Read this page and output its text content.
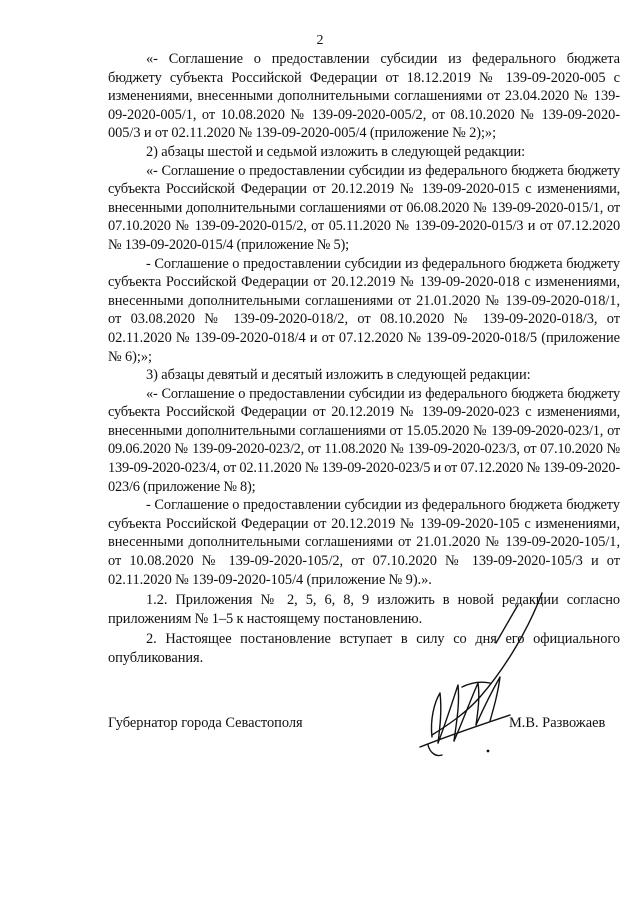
2

«- Соглашение о предоставлении субсидии из федерального бюджета бюджету субъекта Российской Федерации от 18.12.2019 № 139-09-2020-005 с изменениями, внесенными дополнительными соглашениями от 23.04.2020 № 139-09-2020-005/1, от 10.08.2020 № 139-09-2020-005/2, от 08.10.2020 № 139-09-2020-005/3 и от 02.11.2020 № 139-09-2020-005/4 (приложение № 2);»;

2) абзацы шестой и седьмой изложить в следующей редакции:

«- Соглашение о предоставлении субсидии из федерального бюджета бюджету субъекта Российской Федерации от 20.12.2019 № 139-09-2020-015 с изменениями, внесенными дополнительными соглашениями от 06.08.2020 № 139-09-2020-015/1, от 07.10.2020 № 139-09-2020-015/2, от 05.11.2020 № 139-09-2020-015/3 и от 07.12.2020 № 139-09-2020-015/4 (приложение № 5);

- Соглашение о предоставлении субсидии из федерального бюджета бюджету субъекта Российской Федерации от 20.12.2019 № 139-09-2020-018 с изменениями, внесенными дополнительными соглашениями от 21.01.2020 № 139-09-2020-018/1, от 03.08.2020 № 139-09-2020-018/2, от 08.10.2020 № 139-09-2020-018/3, от 02.11.2020 № 139-09-2020-018/4 и от 07.12.2020 № 139-09-2020-018/5 (приложение № 6);»;

3) абзацы девятый и десятый изложить в следующей редакции:

«- Соглашение о предоставлении субсидии из федерального бюджета бюджету субъекта Российской Федерации от 20.12.2019 № 139-09-2020-023 с изменениями, внесенными дополнительными соглашениями от 15.05.2020 № 139-09-2020-023/1, от 09.06.2020 № 139-09-2020-023/2, от 11.08.2020 № 139-09-2020-023/3, от 07.10.2020 № 139-09-2020-023/4, от 02.11.2020 № 139-09-2020-023/5 и от 07.12.2020 № 139-09-2020-023/6 (приложение № 8);

- Соглашение о предоставлении субсидии из федерального бюджета бюджету субъекта Российской Федерации от 20.12.2019 № 139-09-2020-105 с изменениями, внесенными дополнительными соглашениями от 21.01.2020 № 139-09-2020-105/1, от 10.08.2020 № 139-09-2020-105/2, от 07.10.2020 № 139-09-2020-105/3 и от 02.11.2020 № 139-09-2020-105/4 (приложение № 9).».

1.2. Приложения № 2, 5, 6, 8, 9 изложить в новой редакции согласно приложениям № 1–5 к настоящему постановлению.

2. Настоящее постановление вступает в силу со дня его официального опубликования.

Губернатор города Севастополя	М.В. Развожаев
